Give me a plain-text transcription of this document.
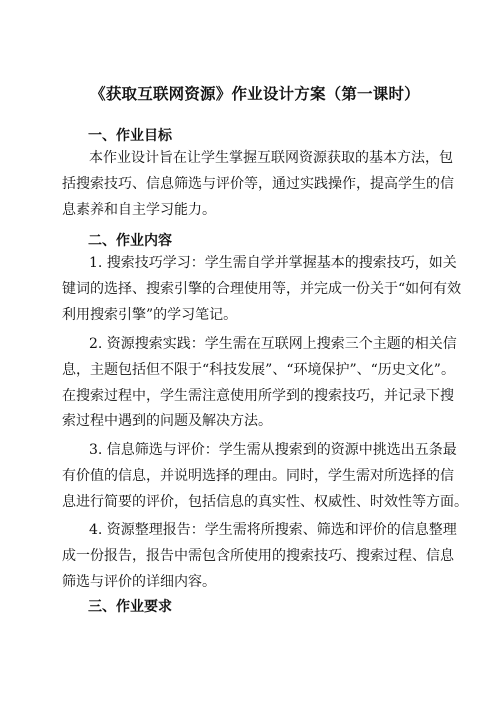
《获取互联网资源》作业设计方案（第一课时）
一、作业目标
本作业设计旨在让学生掌握互联网资源获取的基本方法，包
括搜索技巧、信息筛选与评价等，通过实践操作，提高学生的信
息素养和自主学习能力。
二、作业内容
1. 搜索技巧学习：学生需自学并掌握基本的搜索技巧，如关
键词的选择、搜索引擎的合理使用等，并完成一份关于“如何有效
利用搜索引擎”的学习笔记。
2. 资源搜索实践：学生需在互联网上搜索三个主题的相关信
息，主题包括但不限于“科技发展”、“环境保护”、“历史文化”。
在搜索过程中，学生需注意使用所学到的搜索技巧，并记录下搜
索过程中遇到的问题及解决方法。
3. 信息筛选与评价：学生需从搜索到的资源中挑选出五条最
有价值的信息，并说明选择的理由。同时，学生需对所选择的信
息进行简要的评价，包括信息的真实性、权威性、时效性等方面。
4. 资源整理报告：学生需将所搜索、筛选和评价的信息整理
成一份报告，报告中需包含所使用的搜索技巧、搜索过程、信息
筛选与评价的详细内容。
三、作业要求
